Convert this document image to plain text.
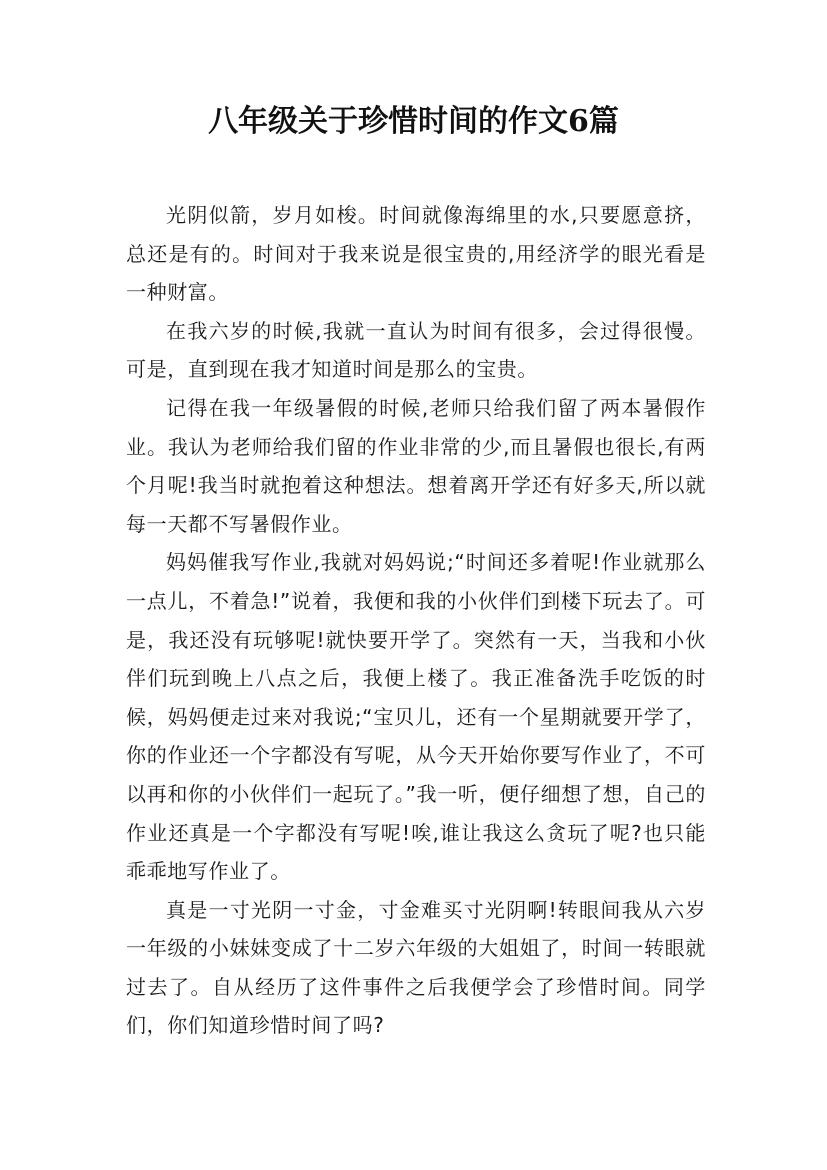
八年级关于珍惜时间的作文6篇

光阴似箭，岁月如梭。时间就像海绵里的水,只要愿意挤，总还是有的。时间对于我来说是很宝贵的,用经济学的眼光看是一种财富。

在我六岁的时候,我就一直认为时间有很多，会过得很慢。可是，直到现在我才知道时间是那么的宝贵。

记得在我一年级暑假的时候,老师只给我们留了两本暑假作业。我认为老师给我们留的作业非常的少,而且暑假也很长,有两个月呢!我当时就抱着这种想法。想着离开学还有好多天,所以就每一天都不写暑假作业。

妈妈催我写作业,我就对妈妈说;“时间还多着呢!作业就那么一点儿，不着急!”说着，我便和我的小伙伴们到楼下玩去了。可是，我还没有玩够呢!就快要开学了。突然有一天，当我和小伙伴们玩到晚上八点之后，我便上楼了。我正准备洗手吃饭的时候，妈妈便走过来对我说;“宝贝儿，还有一个星期就要开学了，你的作业还一个字都没有写呢，从今天开始你要写作业了，不可以再和你的小伙伴们一起玩了。”我一听，便仔细想了想，自己的作业还真是一个字都没有写呢!唉,谁让我这么贪玩了呢?也只能乖乖地写作业了。

真是一寸光阴一寸金，寸金难买寸光阴啊!转眼间我从六岁一年级的小妹妹变成了十二岁六年级的大姐姐了，时间一转眼就过去了。自从经历了这件事件之后我便学会了珍惜时间。同学们，你们知道珍惜时间了吗?
